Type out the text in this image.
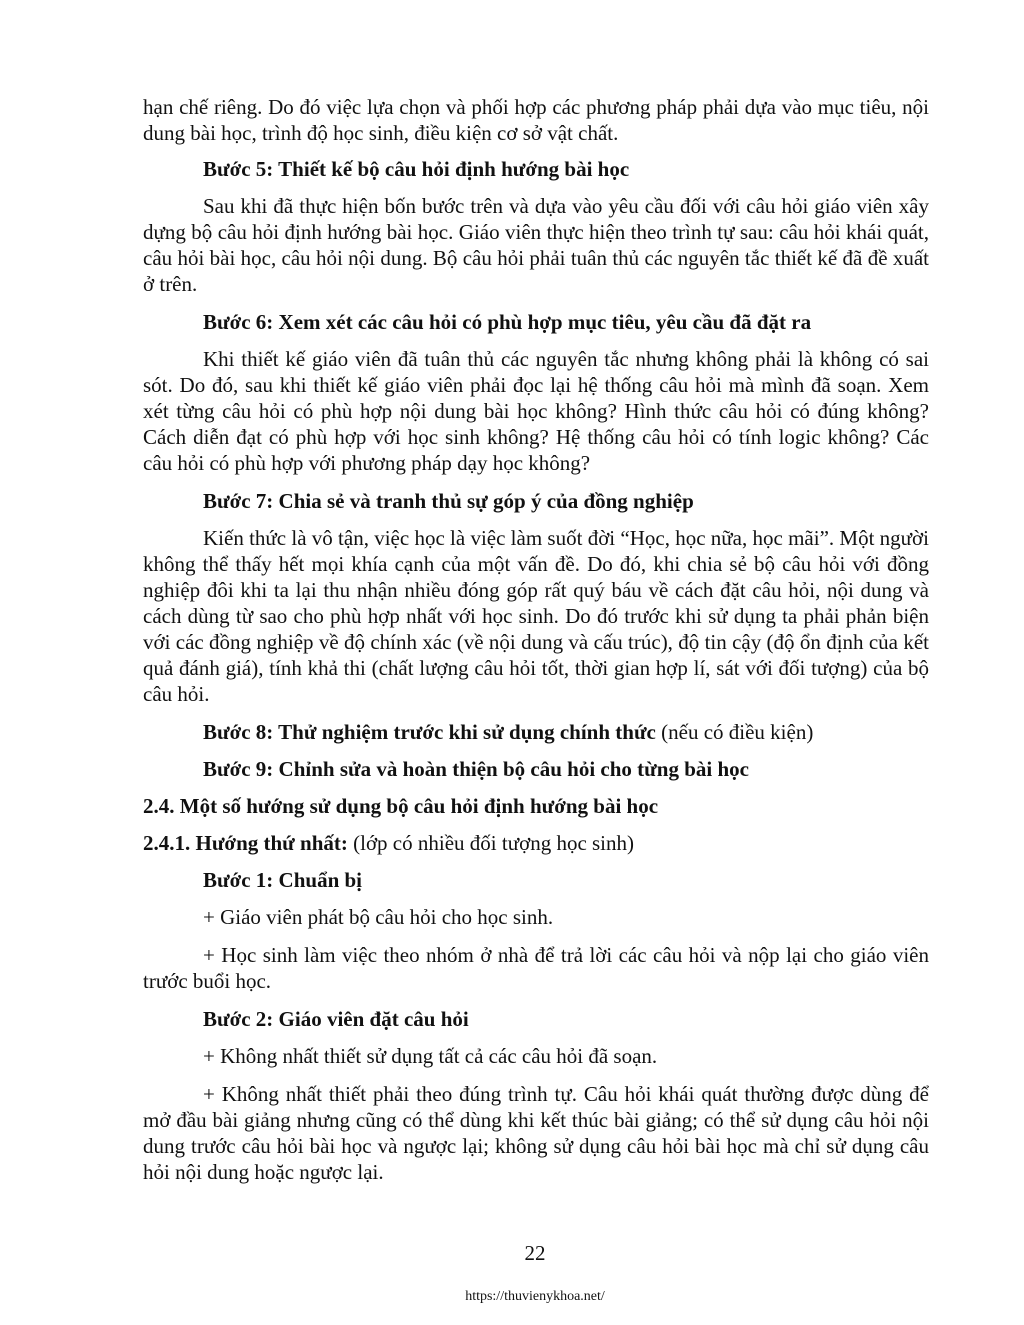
hạn chế riêng. Do đó việc lựa chọn và phối hợp các phương pháp phải dựa vào mục tiêu, nội dung bài học, trình độ học sinh, điều kiện cơ sở vật chất.

Bước 5: Thiết kế bộ câu hỏi định hướng bài học

Sau khi đã thực hiện bốn bước trên và dựa vào yêu cầu đối với câu hỏi giáo viên xây dựng bộ câu hỏi định hướng bài học. Giáo viên thực hiện theo trình tự sau: câu hỏi khái quát, câu hỏi bài học, câu hỏi nội dung. Bộ câu hỏi phải tuân thủ các nguyên tắc thiết kế đã đề xuất ở trên.

Bước 6: Xem xét các câu hỏi có phù hợp mục tiêu, yêu cầu đã đặt ra

Khi thiết kế giáo viên đã tuân thủ các nguyên tắc nhưng không phải là không có sai sót. Do đó, sau khi thiết kế giáo viên phải đọc lại hệ thống câu hỏi mà mình đã soạn. Xem xét từng câu hỏi có phù hợp nội dung bài học không? Hình thức câu hỏi có đúng không? Cách diễn đạt có phù hợp với học sinh không? Hệ thống câu hỏi có tính logic không? Các câu hỏi có phù hợp với phương pháp dạy học không?

Bước 7: Chia sẻ và tranh thủ sự góp ý của đồng nghiệp

Kiến thức là vô tận, việc học là việc làm suốt đời “Học, học nữa, học mãi”. Một người không thể thấy hết mọi khía cạnh của một vấn đề. Do đó, khi chia sẻ bộ câu hỏi với đồng nghiệp đôi khi ta lại thu nhận nhiều đóng góp rất quý báu về cách đặt câu hỏi, nội dung và cách dùng từ sao cho phù hợp nhất với học sinh. Do đó trước khi sử dụng ta phải phản biện với các đồng nghiệp về độ chính xác (về nội dung và cấu trúc), độ tin cậy (độ ổn định của kết quả đánh giá), tính khả thi (chất lượng câu hỏi tốt, thời gian hợp lí, sát với đối tượng) của bộ câu hỏi.

Bước 8: Thử nghiệm trước khi sử dụng chính thức (nếu có điều kiện)

Bước 9: Chỉnh sửa và hoàn thiện bộ câu hỏi cho từng bài học

2.4. Một số hướng sử dụng bộ câu hỏi định hướng bài học

2.4.1. Hướng thứ nhất: (lớp có nhiều đối tượng học sinh)

Bước 1: Chuẩn bị

+ Giáo viên phát bộ câu hỏi cho học sinh.

+ Học sinh làm việc theo nhóm ở nhà để trả lời các câu hỏi và nộp lại cho giáo viên trước buổi học.

Bước 2: Giáo viên đặt câu hỏi

+ Không nhất thiết sử dụng tất cả các câu hỏi đã soạn.

+ Không nhất thiết phải theo đúng trình tự. Câu hỏi khái quát thường được dùng để mở đầu bài giảng nhưng cũng có thể dùng khi kết thúc bài giảng; có thể sử dụng câu hỏi nội dung trước câu hỏi bài học và ngược lại; không sử dụng câu hỏi bài học mà chỉ sử dụng câu hỏi nội dung hoặc ngược lại.

22
https://thuvienykhoa.net/
